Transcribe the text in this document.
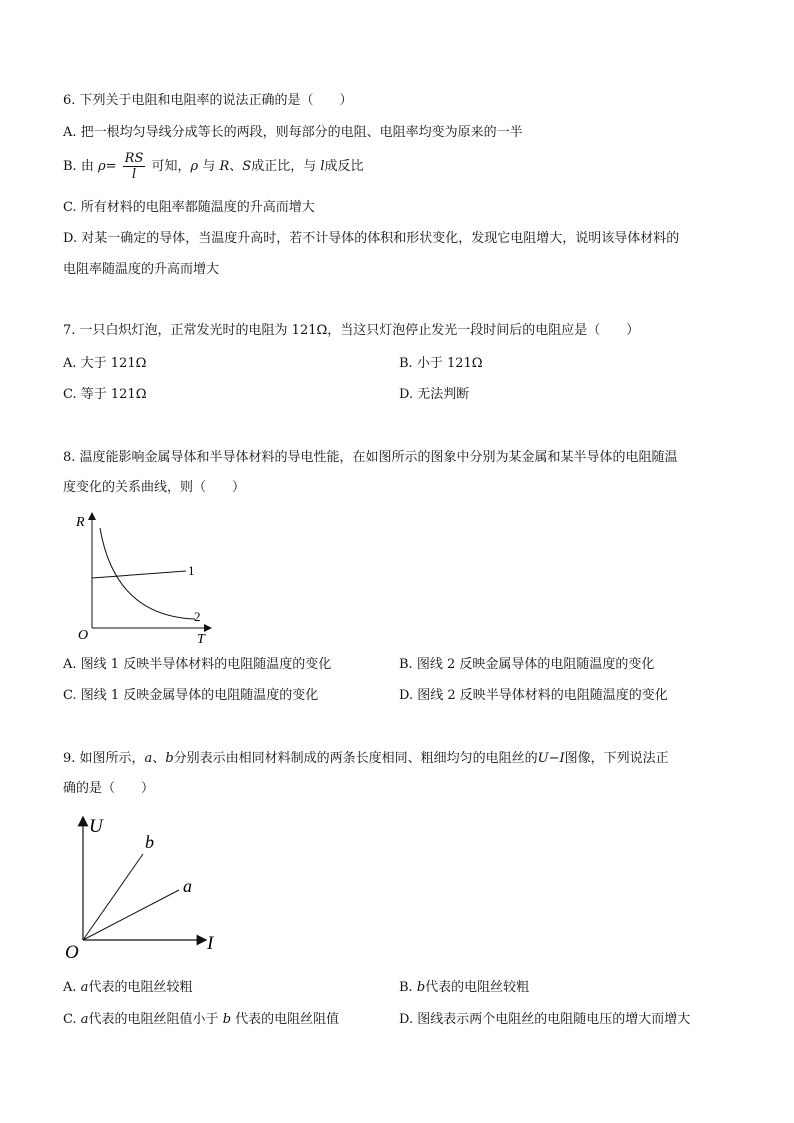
6. 下列关于电阻和电阻率的说法正确的是（　　）
A. 把一根均匀导线分成等长的两段，则每部分的电阻、电阻率均变为原来的一半
B. 由 $\rho= \frac{RS}{l}$ 可知，ρ 与 R、S成正比，与 l成反比
C. 所有材料的电阻率都随温度的升高而增大
D. 对某一确定的导体，当温度升高时，若不计导体的体积和形状变化，发现它电阻增大，说明该导体材料的
电阻率随温度的升高而增大
7. 一只白炽灯泡，正常发光时的电阻为 121Ω，当这只灯泡停止发光一段时间后的电阻应是（　　）
A. 大于 121Ω	B. 小于 121Ω
C. 等于 121Ω	D. 无法判断
8. 温度能影响金属导体和半导体材料的导电性能，在如图所示的图象中分别为某金属和某半导体的电阻随温
度变化的关系曲线，则（　　）
R
T
O
1
2
A. 图线 1 反映半导体材料的电阻随温度的变化	B. 图线 2 反映金属导体的电阻随温度的变化
C. 图线 1 反映金属导体的电阻随温度的变化	D. 图线 2 反映半导体材料的电阻随温度的变化
9. 如图所示，a、b分别表示由相同材料制成的两条长度相同、粗细均匀的电阻丝的U−I图像，下列说法正
确的是（　　）
U
I
O
b
a
A. a代表的电阻丝较粗	B. b代表的电阻丝较粗
C. a代表的电阻丝阻值小于 b 代表的电阻丝阻值	D. 图线表示两个电阻丝的电阻随电压的增大而增大
